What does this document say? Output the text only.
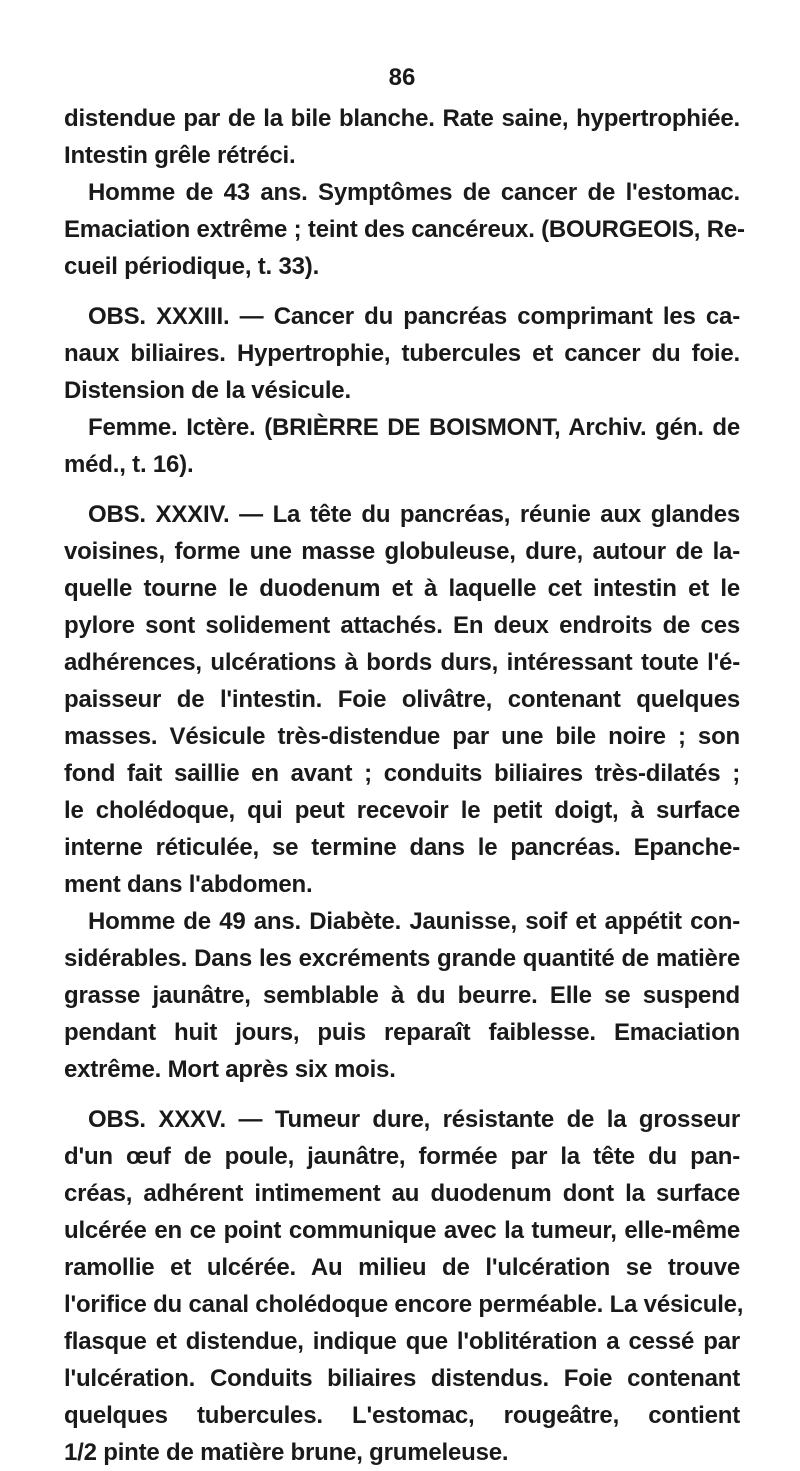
86
distendue par de la bile blanche. Rate saine, hypertrophiée.
Intestin grêle rétréci.
Homme de 43 ans. Symptômes de cancer de l'estomac.
Emaciation extrême ; teint des cancéreux. (BOURGEOIS, Re-
cueil périodique, t. 33).
OBS. XXXIII. — Cancer du pancréas comprimant les ca-
naux biliaires. Hypertrophie, tubercules et cancer du foie.
Distension de la vésicule.
Femme. Ictère. (BRIÈRRE DE BOISMONT, Archiv. gén. de
méd., t. 16).
OBS. XXXIV. — La tête du pancréas, réunie aux glandes
voisines, forme une masse globuleuse, dure, autour de la-
quelle tourne le duodenum et à laquelle cet intestin et le
pylore sont solidement attachés. En deux endroits de ces
adhérences, ulcérations à bords durs, intéressant toute l'é-
paisseur de l'intestin. Foie olivâtre, contenant quelques
masses. Vésicule très-distendue par une bile noire ; son
fond fait saillie en avant ; conduits biliaires très-dilatés ;
le cholédoque, qui peut recevoir le petit doigt, à surface
interne réticulée, se termine dans le pancréas. Epanche-
ment dans l'abdomen.
Homme de 49 ans. Diabète. Jaunisse, soif et appétit con-
sidérables. Dans les excréments grande quantité de matière
grasse jaunâtre, semblable à du beurre. Elle se suspend
pendant huit jours, puis reparaît faiblesse. Emaciation
extrême. Mort après six mois.
OBS. XXXV. — Tumeur dure, résistante de la grosseur
d'un œuf de poule, jaunâtre, formée par la tête du pan-
créas, adhérent intimement au duodenum dont la surface
ulcérée en ce point communique avec la tumeur, elle-même
ramollie et ulcérée. Au milieu de l'ulcération se trouve
l'orifice du canal cholédoque encore perméable. La vésicule,
flasque et distendue, indique que l'oblitération a cessé par
l'ulcération. Conduits biliaires distendus. Foie contenant
quelques tubercules. L'estomac, rougeâtre, contient
1/2 pinte de matière brune, grumeleuse.
